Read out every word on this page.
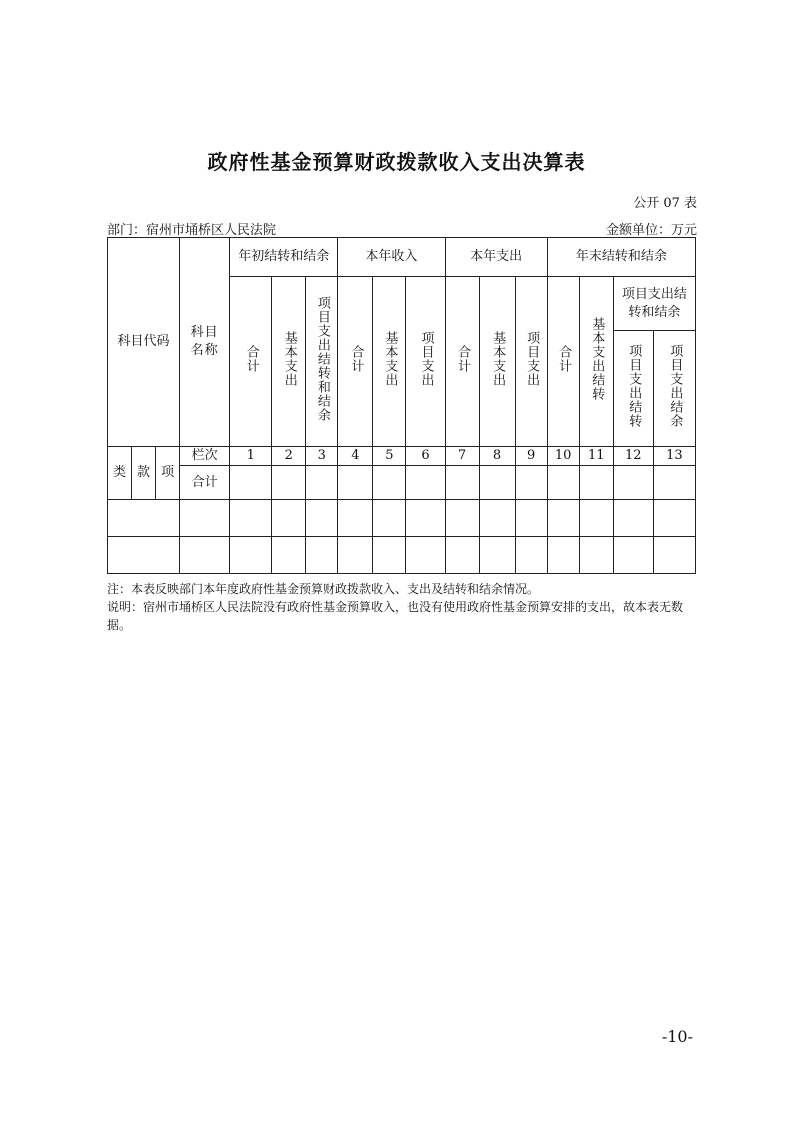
政府性基金预算财政拨款收入支出决算表
公开 07 表
部门：宿州市埇桥区人民法院	金额单位：万元
科目代码			科目名称	年初结转和结余			本年收入			本年支出			年末结转和结余			
				合计	基本支出	项目支出结转和结余	合计	基本支出	项目支出	合计	基本支出	项目支出	合计	基本支出结转	项目支出结转和结余	

															项目支出结转	项目支出结余
类	款	项	栏次	1	2	3	4	5	6	7	8	9	10	11	12	13
			合计													

注：本表反映部门本年度政府性基金预算财政拨款收入、支出及结转和结余情况。
说明：宿州市埇桥区人民法院没有政府性基金预算收入，也没有使用政府性基金预算安排的支出，故本表无数据。
-10-
